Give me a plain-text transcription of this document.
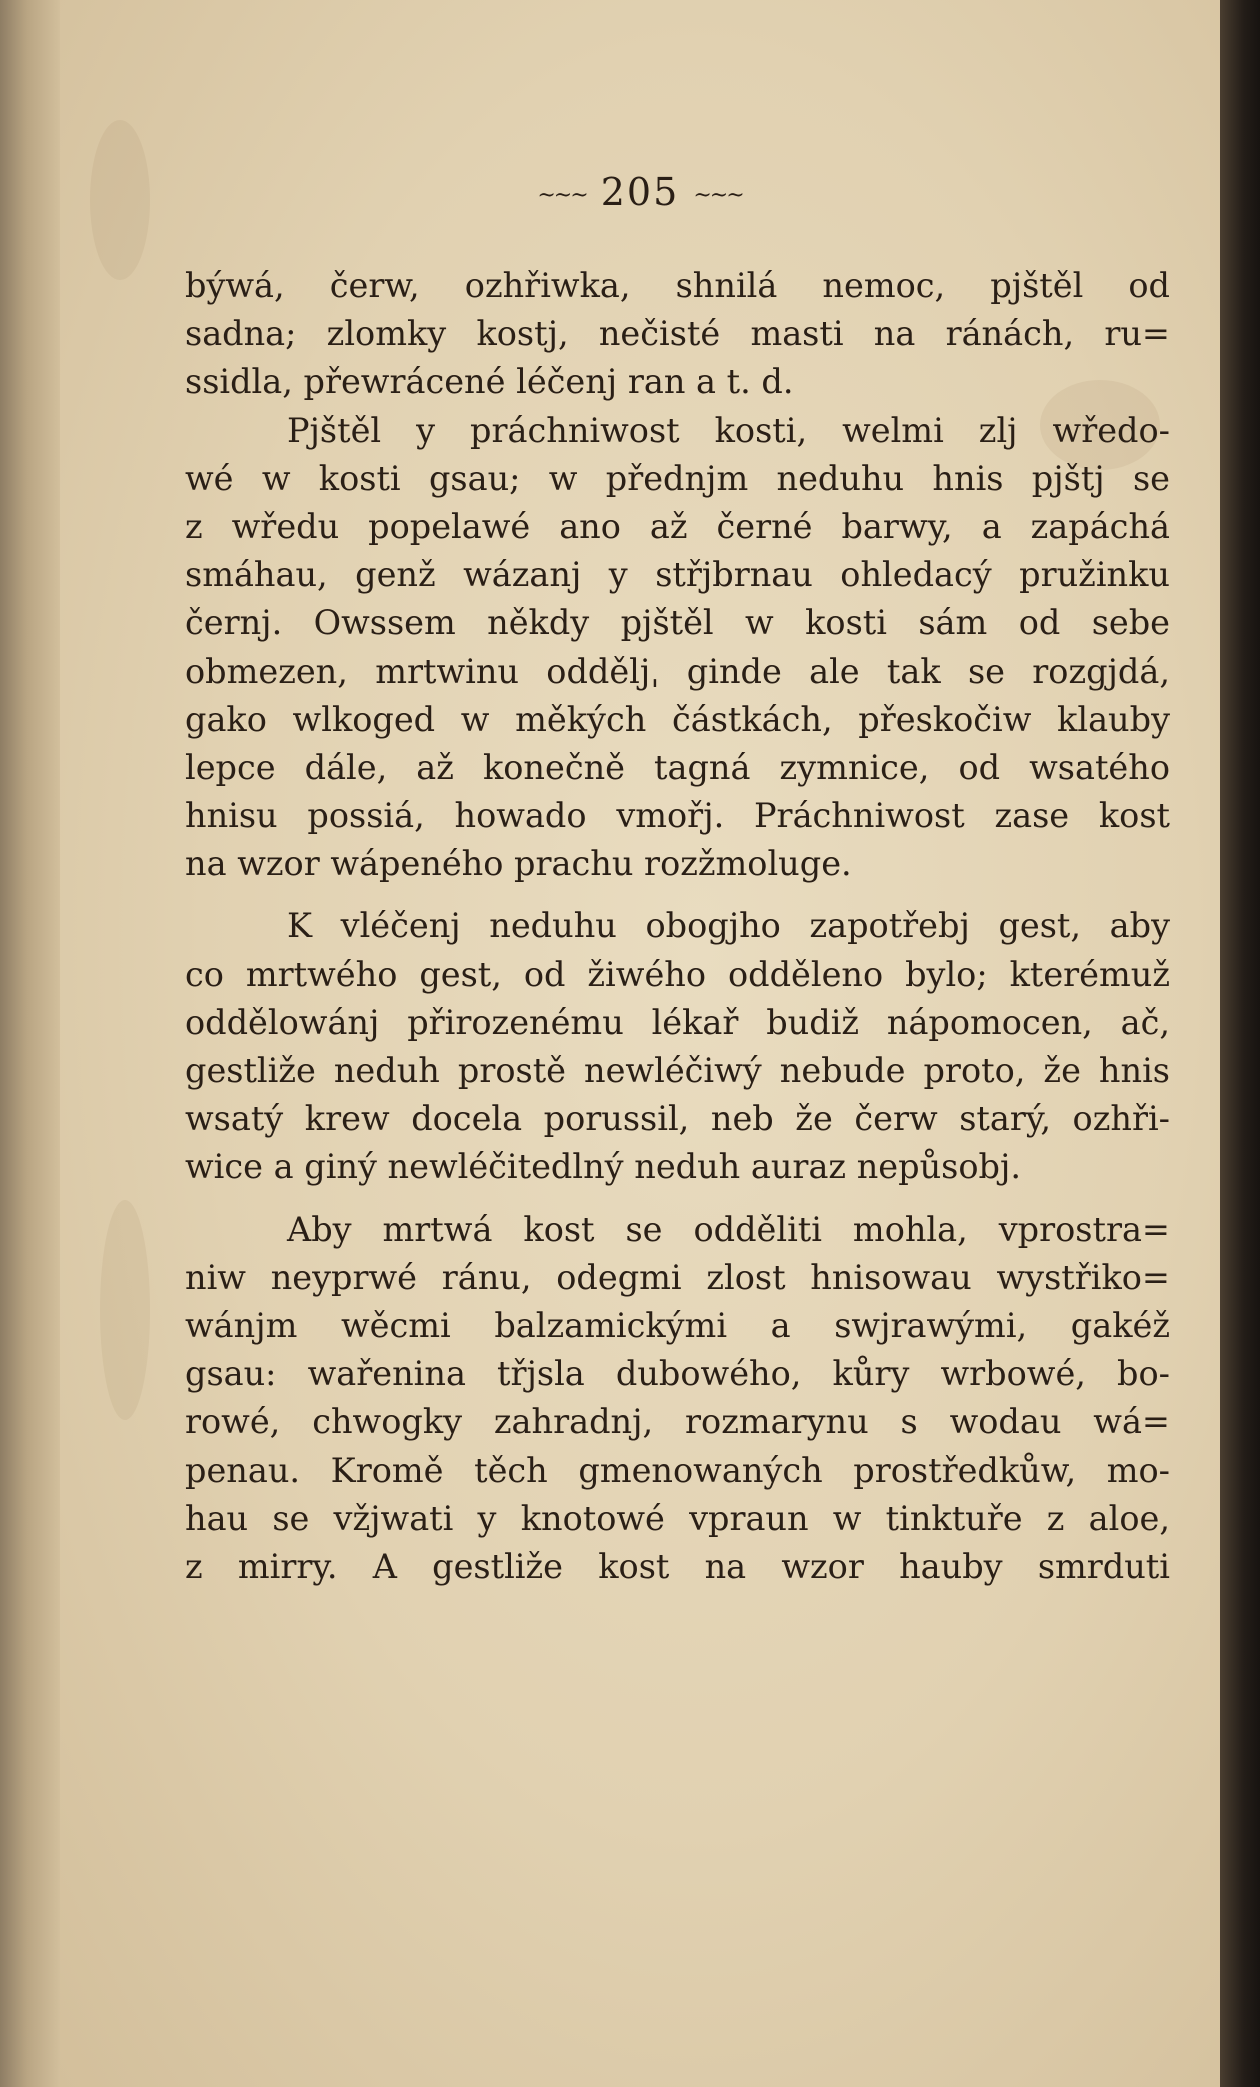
~~~ 205 ~~~
býwá, čerw, ozhřiwka, shnilá nemoc, pjštěl od
sadna; zlomky kostj, nečisté masti na ránách, ru=
ssidla, přewrácené léčenj ran a t. d.
Pjštěl y práchniwost kosti, welmi zlj wředo-
wé w kosti gsau; w přednjm neduhu hnis pjštj se
z wředu popelawé ano až černé barwy, a zapáchá
smáhau, genž wázanj y střjbrnau ohledacý pružinku
černj. Owssem někdy pjštěl w kosti sám od sebe
obmezen, mrtwinu odděljˌ ginde ale tak se rozgjdá,
gako wlkoged w měkých částkách, přeskočiw klauby
lepce dále, až konečně tagná zymnice, od wsatého
hnisu possiá, howado vmořj. Práchniwost zase kost
na wzor wápeného prachu rozžmoluge.
K vléčenj neduhu obogjho zapotřebj gest, aby
co mrtwého gest, od žiwého odděleno bylo; kterémuž
oddělowánj přirozenému lékař budiž nápomocen, ač,
gestliže neduh prostě newléčiwý nebude proto, že hnis
wsatý krew docela porussil, neb že čerw starý, ozhři-
wice a giný newléčitedlný neduh auraz nepůsobj.
Aby mrtwá kost se odděliti mohla, vprostra=
niw neyprwé ránu, odegmi zlost hnisowau wystřiko=
wánjm wěcmi balzamickými a swjrawými, gakéž
gsau: wařenina třjsla dubowého, kůry wrbowé, bo-
rowé, chwogky zahradnj, rozmarynu s wodau wá=
penau. Kromě těch gmenowaných prostředkůw, mo-
hau se vžjwati y knotowé vpraun w tinktuře z aloe,
z mirry. A gestliže kost na wzor hauby smrduti
